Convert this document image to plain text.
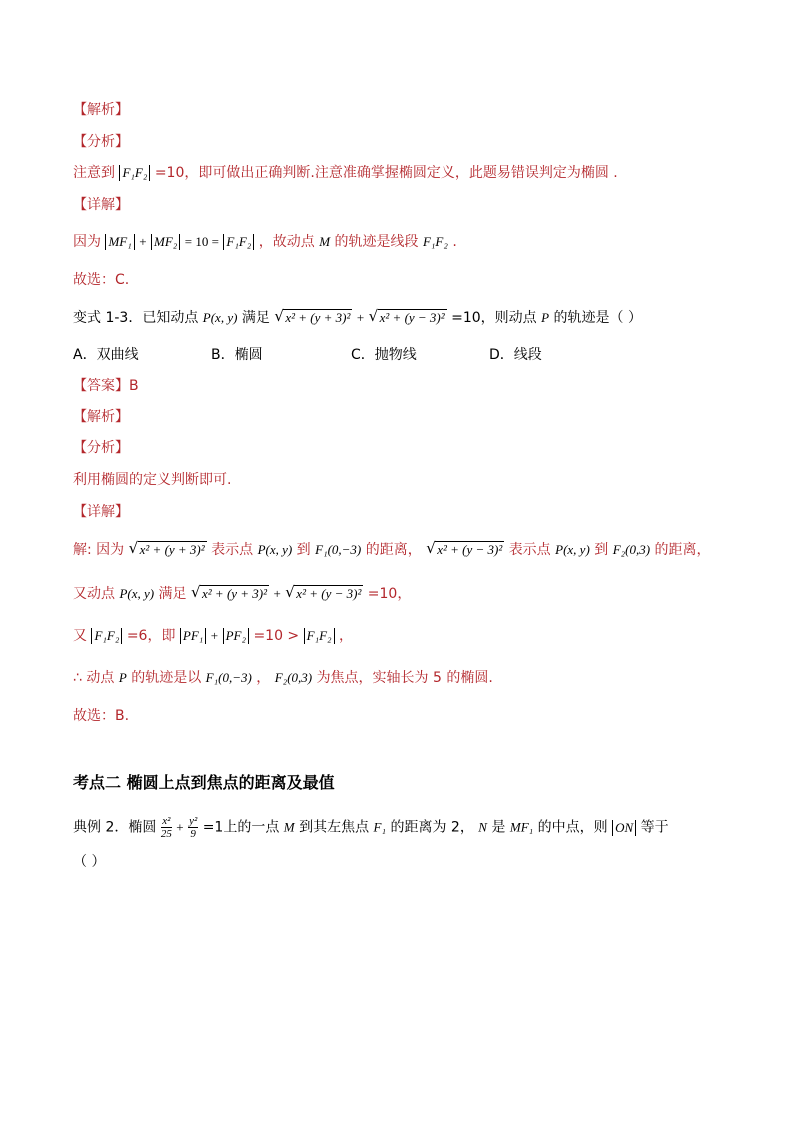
【解析】
【分析】
注意到 F₁F₂ =10，即可做出正确判断.注意准确掌握椭圆定义，此题易错误判定为椭圆 .
【详解】
因为 MF₁ + MF₂ = 10 = F₁F₂ ，故动点 M 的轨迹是线段 F₁F₂ .
故选：C.
变式 1-3．已知动点 P(x, y) 满足 √ x² + (y + 3)² + √ x² + (y − 3)² =10，则动点 P 的轨迹是（ ）
A．双曲线	B．椭圆	C．抛物线	D．线段
【答案】B
【解析】
【分析】
利用椭圆的定义判断即可.
【详解】
解: 因为 √ x² + (y + 3)² 表示点 P(x, y) 到 F₁(0,−3) 的距离， √ x² + (y − 3)² 表示点 P(x, y) 到 F₂(0,3) 的距离，
又动点 P(x, y) 满足 √ x² + (y + 3)² + √ x² + (y − 3)² =10，
又 F₁F₂ =6，即 PF₁ + PF₂ =10 > F₁F₂ ，
∴ 动点 P 的轨迹是以 F₁(0,−3) ， F₂(0,3) 为焦点，实轴长为 5 的椭圆.
故选：B.
考点二 椭圆上点到焦点的距离及最值
典例 2．椭圆 $\frac{\text{x²}}{25} + \frac{\text{y²}}{9} =1$上的一点 M 到其左焦点 F₁ 的距离为 2， N 是 MF₁ 的中点，则 ON 等于
（ ）
